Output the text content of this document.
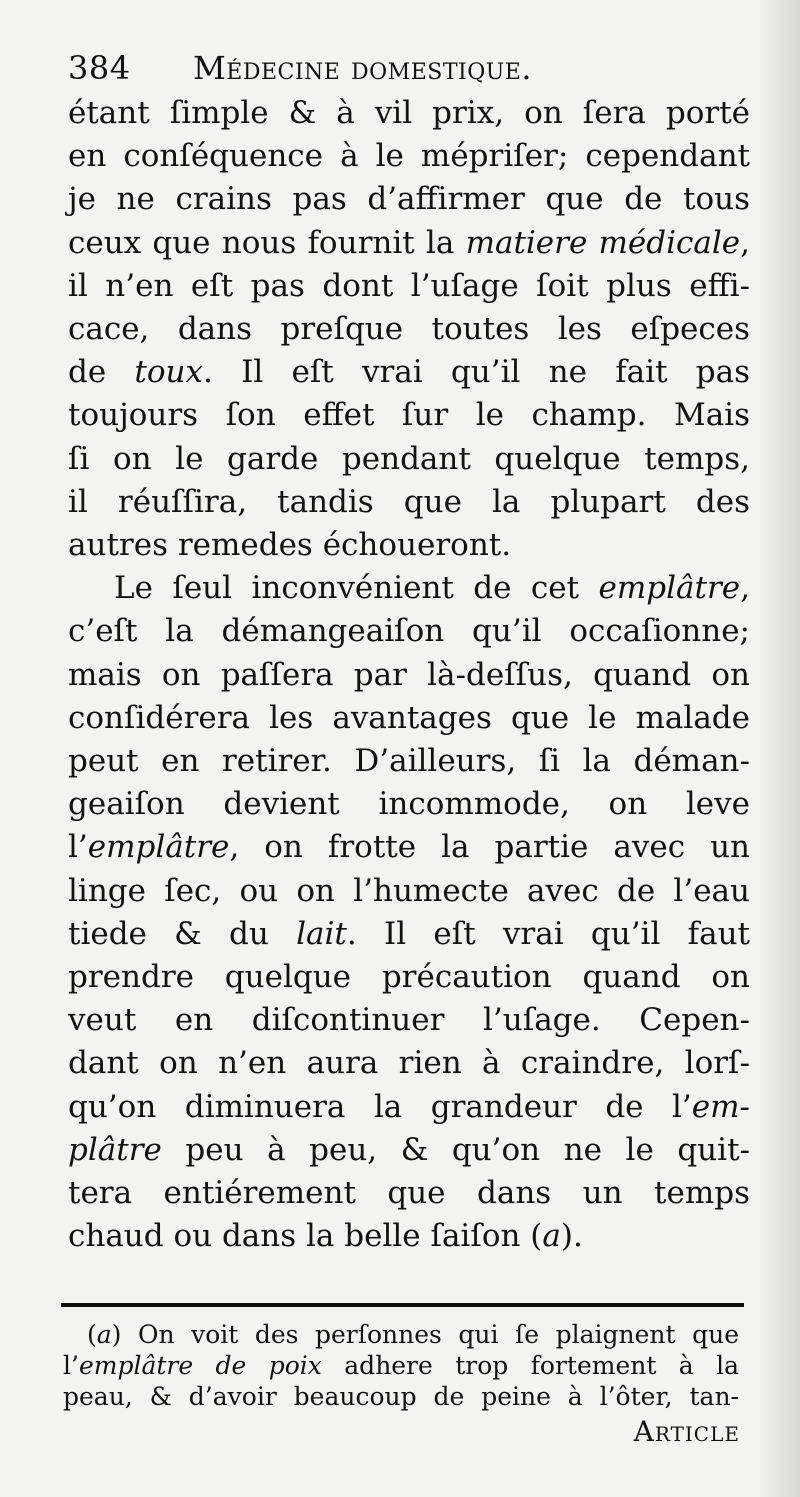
384 Médecine domestique.
étant ſimple & à vil prix, on ſera porté
en conſéquence à le mépriſer; cependant
je ne crains pas d’affirmer que de tous
ceux que nous fournit la matiere médicale,
il n’en eſt pas dont l’uſage ſoit plus effi-
cace, dans preſque toutes les eſpeces
de toux. Il eſt vrai qu’il ne fait pas
toujours ſon effet ſur le champ. Mais
ſi on le garde pendant quelque temps,
il réuſſira, tandis que la plupart des
autres remedes échoueront.
Le ſeul inconvénient de cet emplâtre,
c’eſt la démangeaiſon qu’il occaſionne;
mais on paſſera par là-deſſus, quand on
conſidérera les avantages que le malade
peut en retirer. D’ailleurs, ſi la déman-
geaiſon devient incommode, on leve
l’emplâtre, on frotte la partie avec un
linge ſec, ou on l’humecte avec de l’eau
tiede & du lait. Il eſt vrai qu’il faut
prendre quelque précaution quand on
veut en diſcontinuer l’uſage. Cepen-
dant on n’en aura rien à craindre, lorſ-
qu’on diminuera la grandeur de l’em-
plâtre peu à peu, & qu’on ne le quit-
tera entiérement que dans un temps
chaud ou dans la belle ſaiſon (a).
(a) On voit des perſonnes qui ſe plaignent que
l’emplâtre de poix adhere trop fortement à la
peau, & d’avoir beaucoup de peine à l’ôter, tan-
Article
